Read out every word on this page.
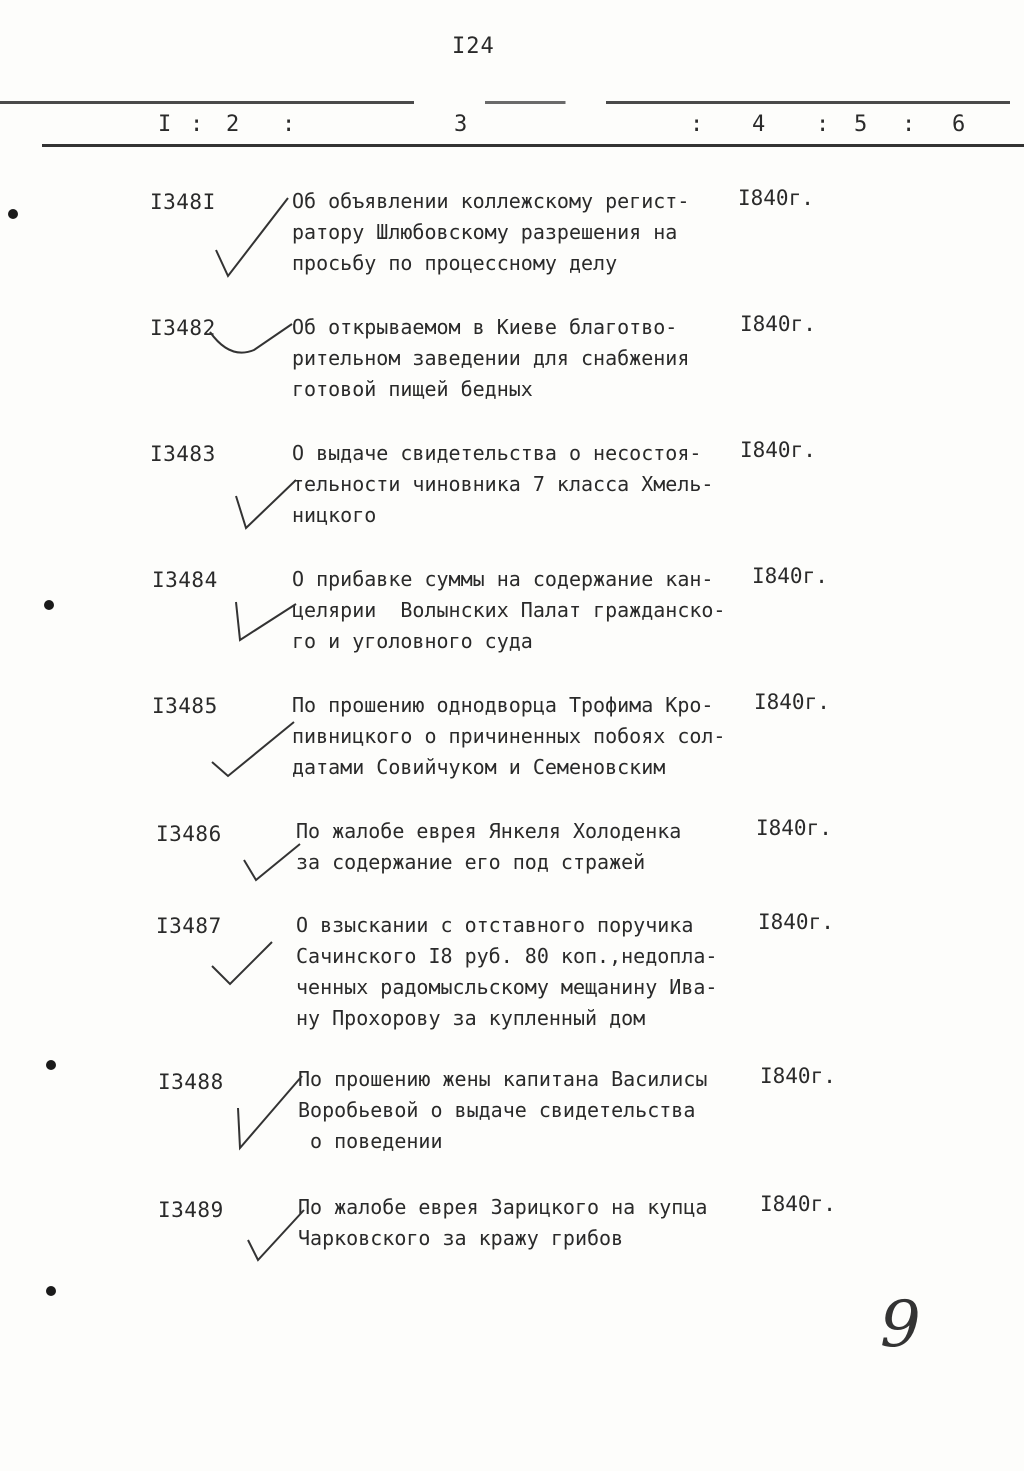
I24
I : 2 :	3	: 4 : 5 : 6
I348I	Об объявлении коллежскому регист-
ратору Шлюбовскому разрешения на
просьбу по процессному делу
I840г.
I3482	Об открываемом в Киеве благотво-
рительном заведении для снабжения
готовой пищей бедных
I840г.
I3483	О выдаче свидетельства о несостоя-
тельности чиновника 7 класса Хмель-
ницкого
I840г.
I3484	О прибавке суммы на содержание кан-
целярии  Волынских Палат гражданско-
го и уголовного суда
I840г.
I3485	По прошению однодворца Трофима Кро-
пивницкого о причиненных побоях сол-
датами Совийчуком и Семеновским
I840г.
I3486	По жалобе еврея Янкеля Холоденка
за содержание его под стражей
I840г.
I3487	О взыскании с отставного поручика
Сачинского I8 руб. 80 коп.,недопла-
ченных радомысльскому мещанину Ива-
ну Прохорову за купленный дом
I840г.
I3488	По прошению жены капитана Василисы
Воробьевой о выдаче свидетельства
о поведении
I840г.
I3489	По жалобе еврея Зарицкого на купца
Чарковского за кражу грибов
I840г.
9
